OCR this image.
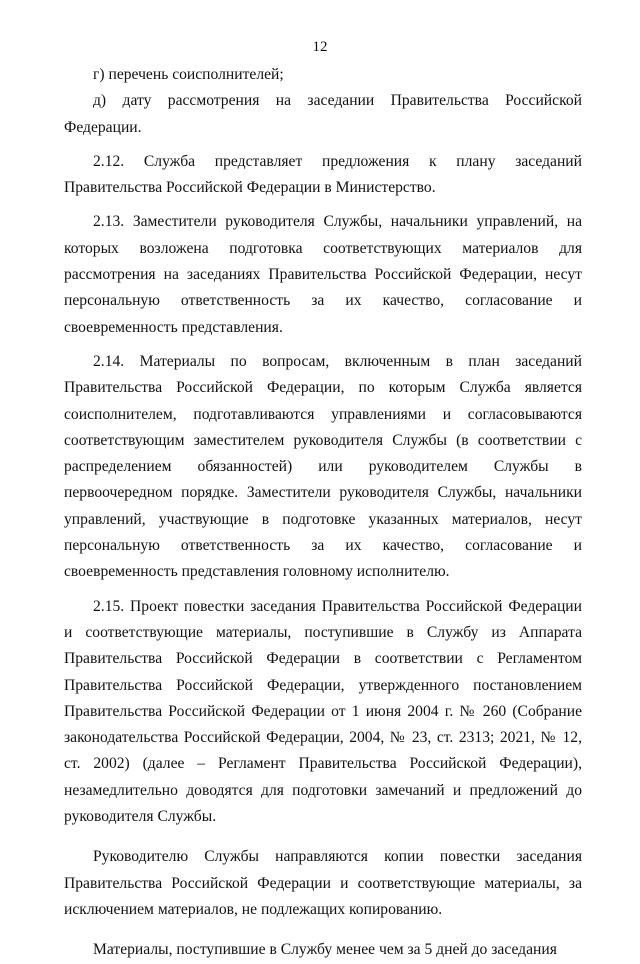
12

г) перечень соисполнителей;

д) дату рассмотрения на заседании Правительства Российской Федерации.

2.12. Служба представляет предложения к плану заседаний Правительства Российской Федерации в Министерство.

2.13. Заместители руководителя Службы, начальники управлений, на которых возложена подготовка соответствующих материалов для рассмотрения на заседаниях Правительства Российской Федерации, несут персональную ответственность за их качество, согласование и своевременность представления.

2.14. Материалы по вопросам, включенным в план заседаний Правительства Российской Федерации, по которым Служба является соисполнителем, подготавливаются управлениями и согласовываются соответствующим заместителем руководителя Службы (в соответствии с распределением обязанностей) или руководителем Службы в первоочередном порядке. Заместители руководителя Службы, начальники управлений, участвующие в подготовке указанных материалов, несут персональную ответственность за их качество, согласование и своевременность представления головному исполнителю.

2.15. Проект повестки заседания Правительства Российской Федерации и соответствующие материалы, поступившие в Службу из Аппарата Правительства Российской Федерации в соответствии с Регламентом Правительства Российской Федерации, утвержденного постановлением Правительства Российской Федерации от 1 июня 2004 г. № 260 (Собрание законодательства Российской Федерации, 2004, № 23, ст. 2313; 2021, № 12, ст. 2002) (далее – Регламент Правительства Российской Федерации), незамедлительно доводятся для подготовки замечаний и предложений до руководителя Службы.

Руководителю Службы направляются копии повестки заседания Правительства Российской Федерации и соответствующие материалы, за исключением материалов, не подлежащих копированию.

Материалы, поступившие в Службу менее чем за 5 дней до заседания
